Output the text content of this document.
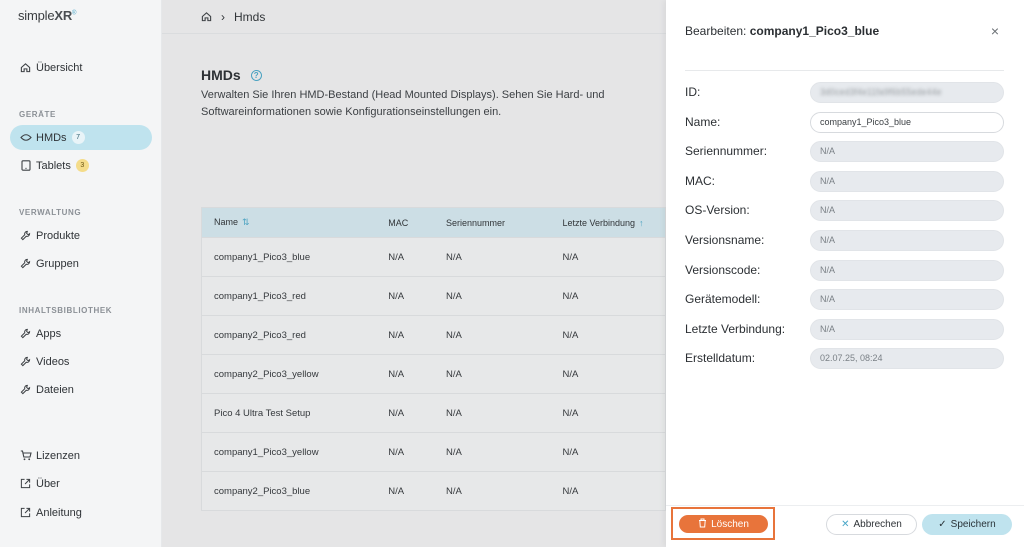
simpleXR®
Übersicht
GERÄTE
HMDs	7
Tablets	3
VERWALTUNG
Produkte
Gruppen
INHALTSBIBLIOTHEK
Apps
Videos
Dateien
Lizenzen
Über
Anleitung
› Hmds
HMDs	?
Verwalten Sie Ihren HMD-Bestand (Head Mounted Displays). Sehen Sie Hard- und Softwareinformationen sowie Konfigurationseinstellungen ein.
Name ⇅	MAC	Seriennummer	Letzte Verbindung ↑
company1_Pico3_blue	N/A	N/A	N/A
company1_Pico3_red	N/A	N/A	N/A
company2_Pico3_red	N/A	N/A	N/A
company2_Pico3_yellow	N/A	N/A	N/A
Pico 4 Ultra Test Setup	N/A	N/A	N/A
company1_Pico3_yellow	N/A	N/A	N/A
company2_Pico3_blue	N/A	N/A	N/A
Bearbeiten: company1_Pico3_blue	×
ID:	3d0ced3f4e11fa9f6b55ede44e
Name:	company1_Pico3_blue
Seriennummer:	N/A
MAC:	N/A
OS-Version:	N/A
Versionsname:	N/A
Versionscode:	N/A
Gerätemodell:	N/A
Letzte Verbindung:	N/A
Erstelldatum:	02.07.25, 08:24
Löschen	✕ Abbrechen	✓ Speichern
